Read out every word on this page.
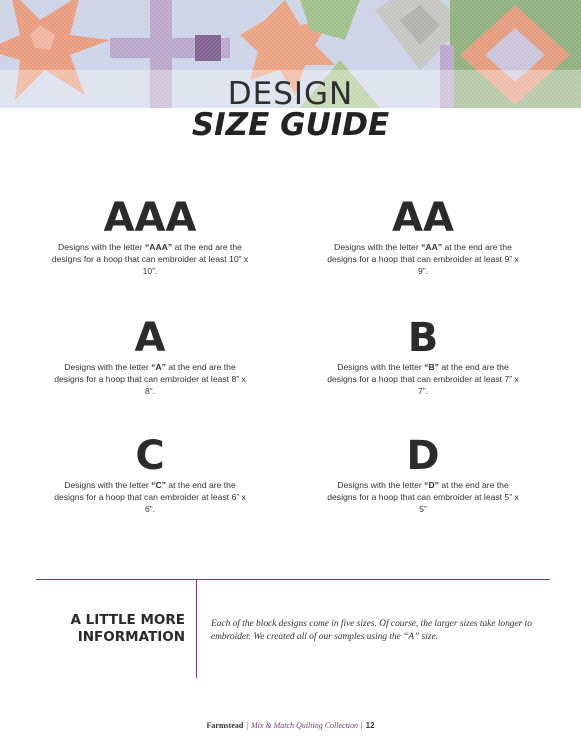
DESIGN
SIZE GUIDE
AAA
Designs with the letter “AAA” at the end are the designs for a hoop that can embroider at least 10” x 10”.
AA
Designs with the letter “AA” at the end are the designs for a hoop that can embroider at least 9” x 9”.
A
Designs with the letter “A” at the end are the designs for a hoop that can embroider at least 8” x 8”.
B
Designs with the letter “B” at the end are the designs for a hoop that can embroider at least 7” x 7”.
C
Designs with the letter “C” at the end are the designs for a hoop that can embroider at least 6” x 6”.
D
Designs with the letter “D” at the end are the designs for a hoop that can embroider at least 5” x 5”
A LITTLE MORE
INFORMATION
Each of the block designs come in five sizes. Of course, the larger sizes take longer to embroider. We created all of our samples using the “A” size.
Farmstead | Mix & Match Quilting Collection | 12
